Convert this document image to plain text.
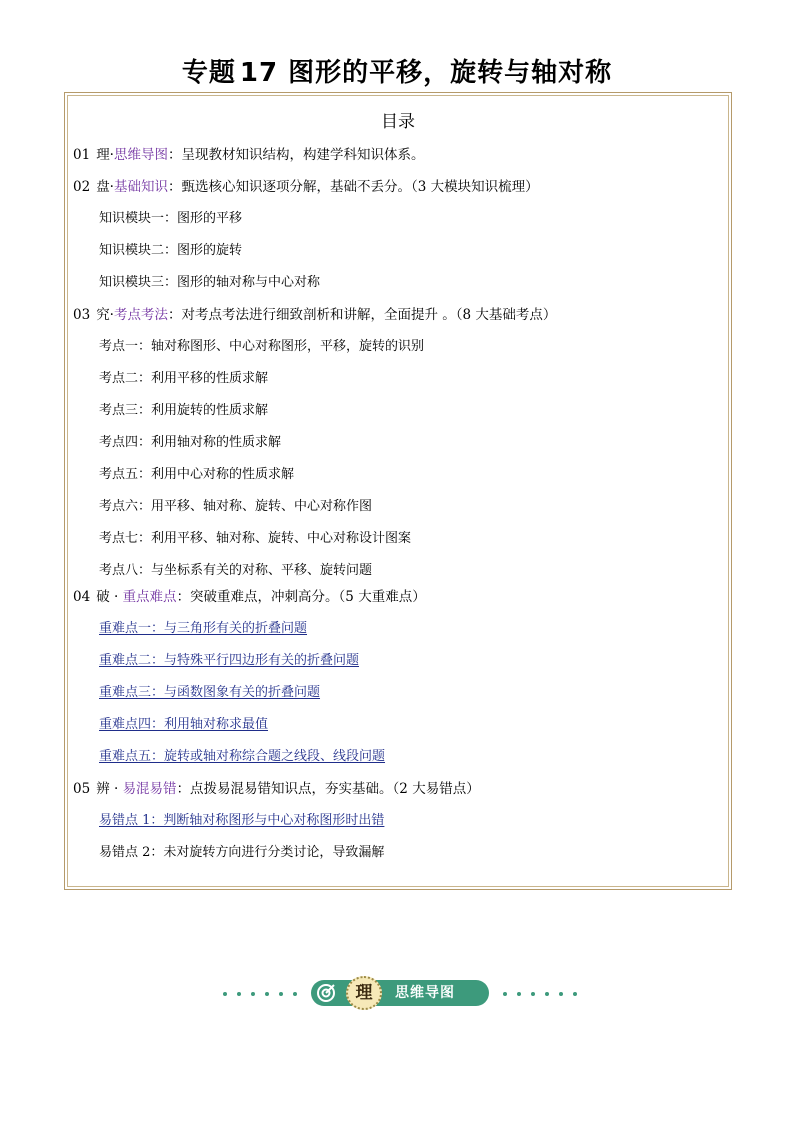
专题 17 图形的平移，旋转与轴对称
目录
01 理·思维导图：呈现教材知识结构，构建学科知识体系。
02 盘·基础知识：甄选核心知识逐项分解，基础不丢分。（3 大模块知识梳理）
知识模块一：图形的平移
知识模块二：图形的旋转
知识模块三：图形的轴对称与中心对称
03 究·考点考法：对考点考法进行细致剖析和讲解，全面提升 。（8 大基础考点）
考点一：轴对称图形、中心对称图形，平移，旋转的识别
考点二：利用平移的性质求解
考点三：利用旋转的性质求解
考点四：利用轴对称的性质求解
考点五：利用中心对称的性质求解
考点六：用平移、轴对称、旋转、中心对称作图
考点七：利用平移、轴对称、旋转、中心对称设计图案
考点八：与坐标系有关的对称、平移、旋转问题
04 破 · 重点难点：突破重难点，冲刺高分。（5 大重难点）
重难点一：与三角形有关的折叠问题
重难点二：与特殊平行四边形有关的折叠问题
重难点三：与函数图象有关的折叠问题
重难点四：利用轴对称求最值
重难点五：旋转或轴对称综合题之线段、线段问题
05 辨 · 易混易错：点拨易混易错知识点，夯实基础。（2 大易错点）
易错点 1：判断轴对称图形与中心对称图形时出错
易错点 2：未对旋转方向进行分类讨论，导致漏解
理	思维导图
